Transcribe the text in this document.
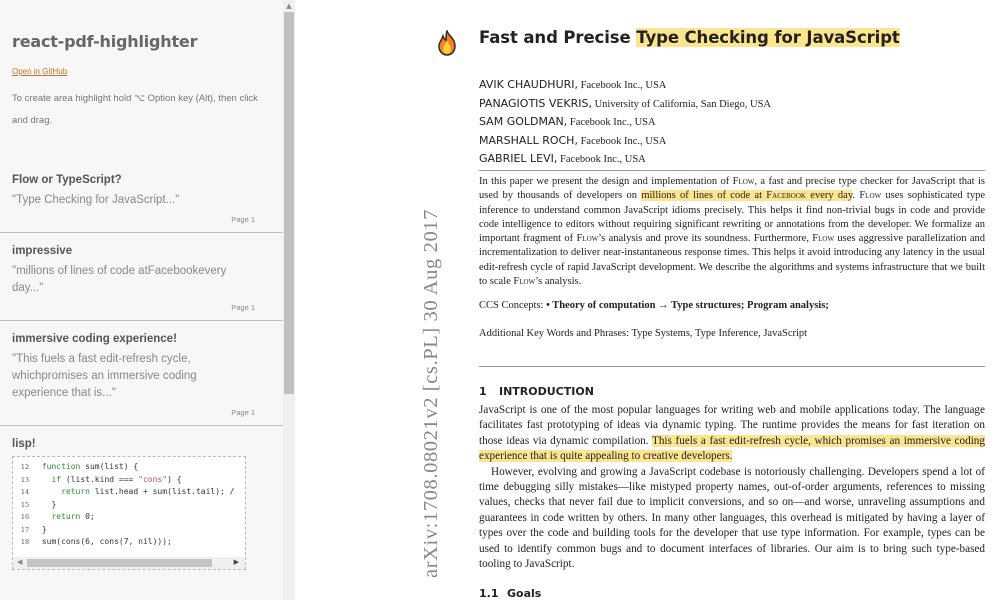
react-pdf-highlighter
Open in GitHub
To create area highlight hold ⌥ Option key (Alt), then click and drag.
Flow or TypeScript?
"Type Checking for JavaScript..."
Page 1
impressive
"millions of lines of code atFacebookevery day..."
Page 1
immersive coding experience!
"This fuels a fast edit-refresh cycle, whichpromises an immersive coding experience that is..."
Page 1
lisp!
12 function sum(list) {
13	if (list.kind === "cons") {
14	return list.head + sum(list.tail); /
15   }
16	return 0;
17 }
18 sum(cons(6, cons(7, nil)));
◀	▶
▲
arXiv:1708.08021v2 [cs.PL] 30 Aug 2017
Fast and Precise Type Checking for JavaScript
AVIK CHAUDHURI, Facebook Inc., USA
PANAGIOTIS VEKRIS, University of California, San Diego, USA
SAM GOLDMAN, Facebook Inc., USA
MARSHALL ROCH, Facebook Inc., USA
GABRIEL LEVI, Facebook Inc., USA
In this paper we present the design and implementation of Flow, a fast and precise type checker for JavaScript that is used by thousands of developers on millions of lines of code at Facebook every day. Flow uses sophisticated type inference to understand common JavaScript idioms precisely. This helps it find non-trivial bugs in code and provide code intelligence to editors without requiring significant rewriting or annotations from the developer. We formalize an important fragment of Flow’s analysis and prove its soundness. Furthermore, Flow uses aggressive parallelization and incrementalization to deliver near-instantaneous response times. This helps it avoid introducing any latency in the usual edit-refresh cycle of rapid JavaScript development. We describe the algorithms and systems infrastructure that we built to scale Flow’s analysis.
CCS Concepts: • Theory of computation → Type structures; Program analysis;
Additional Key Words and Phrases: Type Systems, Type Inference, JavaScript
1 INTRODUCTION

JavaScript is one of the most popular languages for writing web and mobile applications today. The language facilitates fast prototyping of ideas via dynamic typing. The runtime provides the means for fast iteration on those ideas via dynamic compilation. This fuels a fast edit-refresh cycle, which promises an immersive coding experience that is quite appealing to creative developers.

However, evolving and growing a JavaScript codebase is notoriously challenging. Developers spend a lot of time debugging silly mistakes—like mistyped property names, out-of-order arguments, references to missing values, checks that never fail due to implicit conversions, and so on—and worse, unraveling assumptions and guarantees in code written by others. In many other languages, this overhead is mitigated by having a layer of types over the code and building tools for the developer that use type information. For example, types can be used to identify common bugs and to document interfaces of libraries. Our aim is to bring such type-based tooling to JavaScript.

1.1 Goals
